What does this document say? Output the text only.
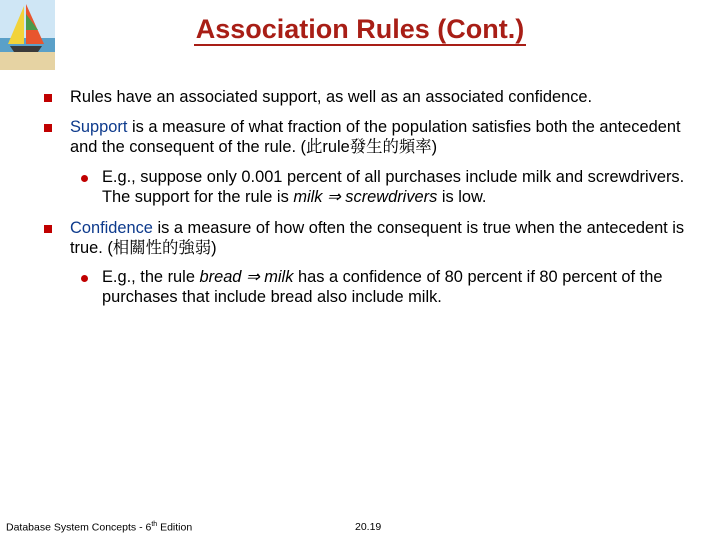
Association Rules (Cont.)
Rules have an associated support, as well as an associated confidence.
Support is a measure of what fraction of the population satisfies both the antecedent and the consequent of the rule. (此rule發生的頻率)
E.g., suppose only 0.001 percent of all purchases include milk and screwdrivers. The support for the rule is milk ⇒ screwdrivers is low.
Confidence is a measure of how often the consequent is true when the antecedent is true. (相關性的強弱)
E.g., the rule bread ⇒ milk has a confidence of 80 percent if 80 percent of the purchases that include bread also include milk.
Database System Concepts - 6th Edition	20.19
